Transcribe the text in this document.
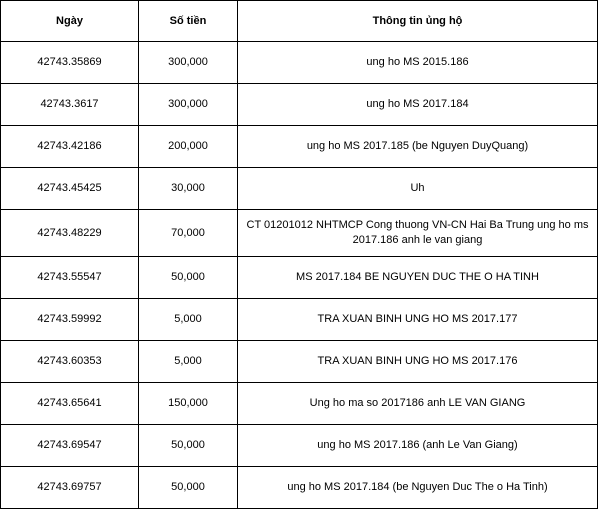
Ngày	Số tiền	Thông tin ủng hộ
42743.35869	300,000	ung ho MS 2015.186
42743.3617	300,000	ung ho MS 2017.184
42743.42186	200,000	ung ho MS 2017.185 (be Nguyen DuyQuang)
42743.45425	30,000	Uh
42743.48229	70,000	CT 01201012 NHTMCP Cong thuong VN-CN Hai Ba Trung ung ho ms 2017.186 anh le van giang
42743.55547	50,000	MS 2017.184 BE NGUYEN DUC THE O HA TINH
42743.59992	5,000	TRA XUAN BINH UNG HO MS 2017.177
42743.60353	5,000	TRA XUAN BINH UNG HO MS 2017.176
42743.65641	150,000	Ung ho ma so 2017186 anh LE VAN GIANG
42743.69547	50,000	ung ho MS 2017.186 (anh Le Van Giang)
42743.69757	50,000	ung ho MS 2017.184 (be Nguyen Duc The o Ha Tinh)
